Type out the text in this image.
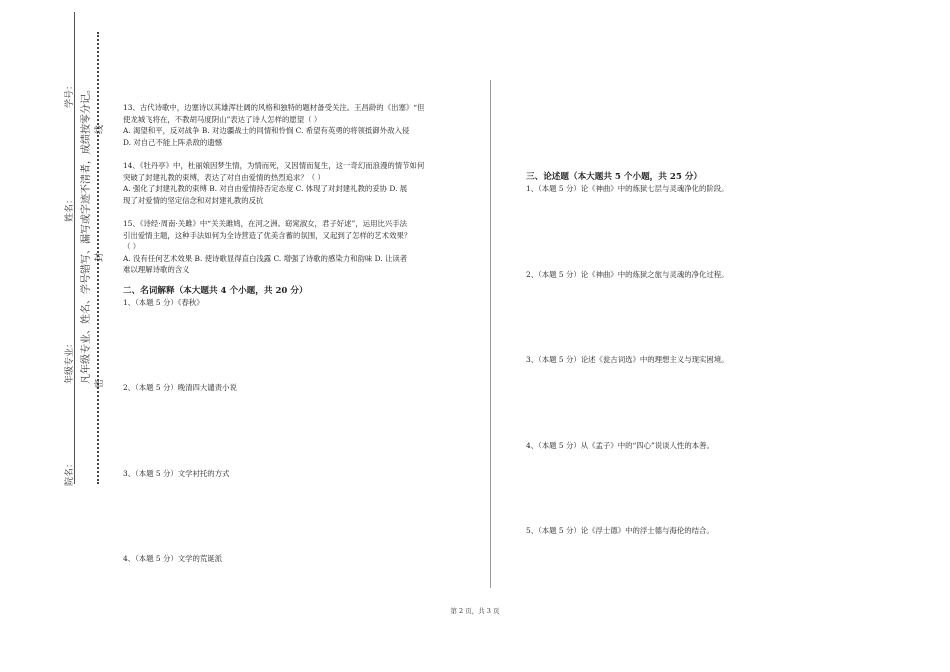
学号：
姓名：
年级专业：
院名：
凡年级专业、姓名、学号错写、漏写或字迹不清者，成绩按零分记。 线
封
密

13、古代诗歌中，边塞诗以其雄浑壮阔的风格和独特的题材备受关注。王昌龄的《出塞》“但

使龙城飞将在，不教胡马度阴山”表达了诗人怎样的愿望（ ）

A. 渴望和平，反对战争 B. 对边疆战士的同情和怜悯 C. 希望有英勇的将领抵御外敌入侵

D. 对自己不能上阵杀敌的遗憾

14、《牡丹亭》中，杜丽娘因梦生情，为情而死，又因情而复生，这一奇幻而浪漫的情节如何

突破了封建礼教的束缚，表达了对自由爱情的热烈追求？（ ）

A. 强化了封建礼教的束缚 B. 对自由爱情持否定态度 C. 体现了对封建礼教的妥协 D. 展

现了对爱情的坚定信念和对封建礼教的反抗

15、《诗经·周南·关雎》中“关关雎鸠，在河之洲。窈窕淑女，君子好逑”，运用比兴手法

引出爱情主题，这种手法如何为全诗营造了优美含蓄的氛围，又起到了怎样的艺术效果？

（ ）

A. 没有任何艺术效果 B. 使诗歌显得直白浅露 C. 增强了诗歌的感染力和韵味 D. 让读者

难以理解诗歌的含义

二、名词解释（本大题共 4 个小题，共 20 分）

1、（本题 5 分）《春秋》

2、（本题 5 分）晚清四大谴责小说

3、（本题 5 分）文学衬托的方式

4、（本题 5 分）文学的荒诞派

三、论述题（本大题共 5 个小题，共 25 分）

1、（本题 5 分）论《神曲》中的炼狱七层与灵魂净化的阶段。

2、（本题 5 分）论《神曲》中的炼狱之旅与灵魂的净化过程。

3、（本题 5 分）论述《瓮古词选》中的理想主义与现实困境。

4、（本题 5 分）从《孟子》中的“四心”说谈人性的本善。

5、（本题 5 分）论《浮士德》中的浮士德与海伦的结合。

第 2 页，共 3 页
